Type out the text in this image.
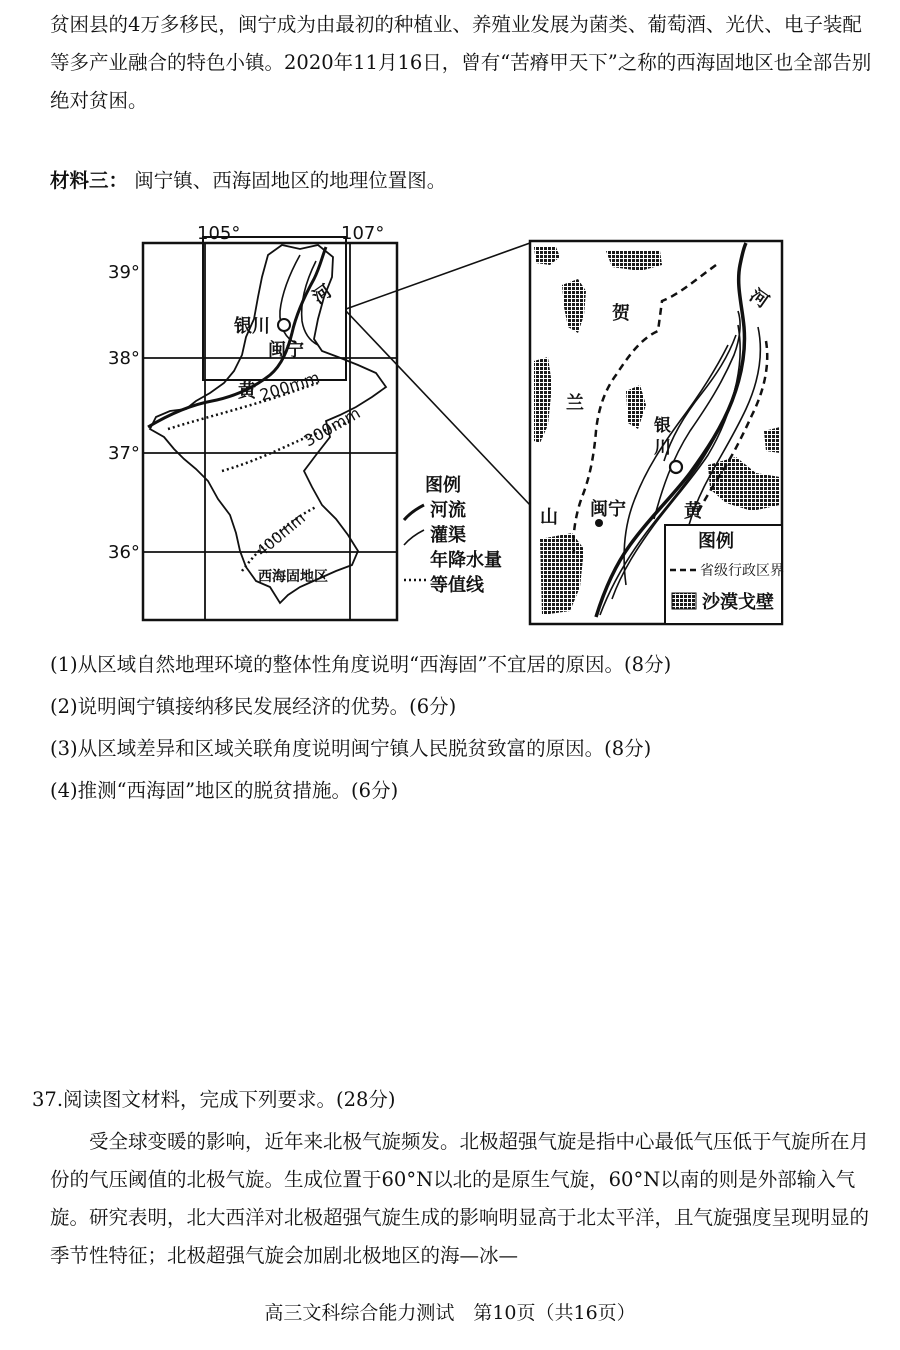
贫困县的4万多移民，闽宁成为由最初的种植业、养殖业发展为菌类、葡萄酒、光伏、电子装配等多产业融合的特色小镇。2020年11月16日，曾有“苦瘠甲天下”之称的西海固地区也全部告别绝对贫困。

材料三： 闽宁镇、西海固地区的地理位置图。
105°	107°
39°
38°
37°
36°
银川
闽宁
河
黄 200mm
300mm
400mm
西海固地区
图例
河流
灌渠
年降水量
等值线
贺
兰
山
河
黄
银
川
闽宁
图例
省级行政区界
沙漠戈壁
(1)从区域自然地理环境的整体性角度说明“西海固”不宜居的原因。(8分)
(2)说明闽宁镇接纳移民发展经济的优势。(6分)
(3)从区域差异和区域关联角度说明闽宁镇人民脱贫致富的原因。(8分)
(4)推测“西海固”地区的脱贫措施。(6分)
37.阅读图文材料，完成下列要求。(28分)

受全球变暖的影响，近年来北极气旋频发。北极超强气旋是指中心最低气压低于气旋所在月份的气压阈值的北极气旋。生成位置于60°N以北的是原生气旋，60°N以南的则是外部输入气旋。研究表明，北大西洋对北极超强气旋生成的影响明显高于北太平洋，且气旋强度呈现明显的季节性特征；北极超强气旋会加剧北极地区的海—冰—

高三文科综合能力测试　第10页（共16页）
